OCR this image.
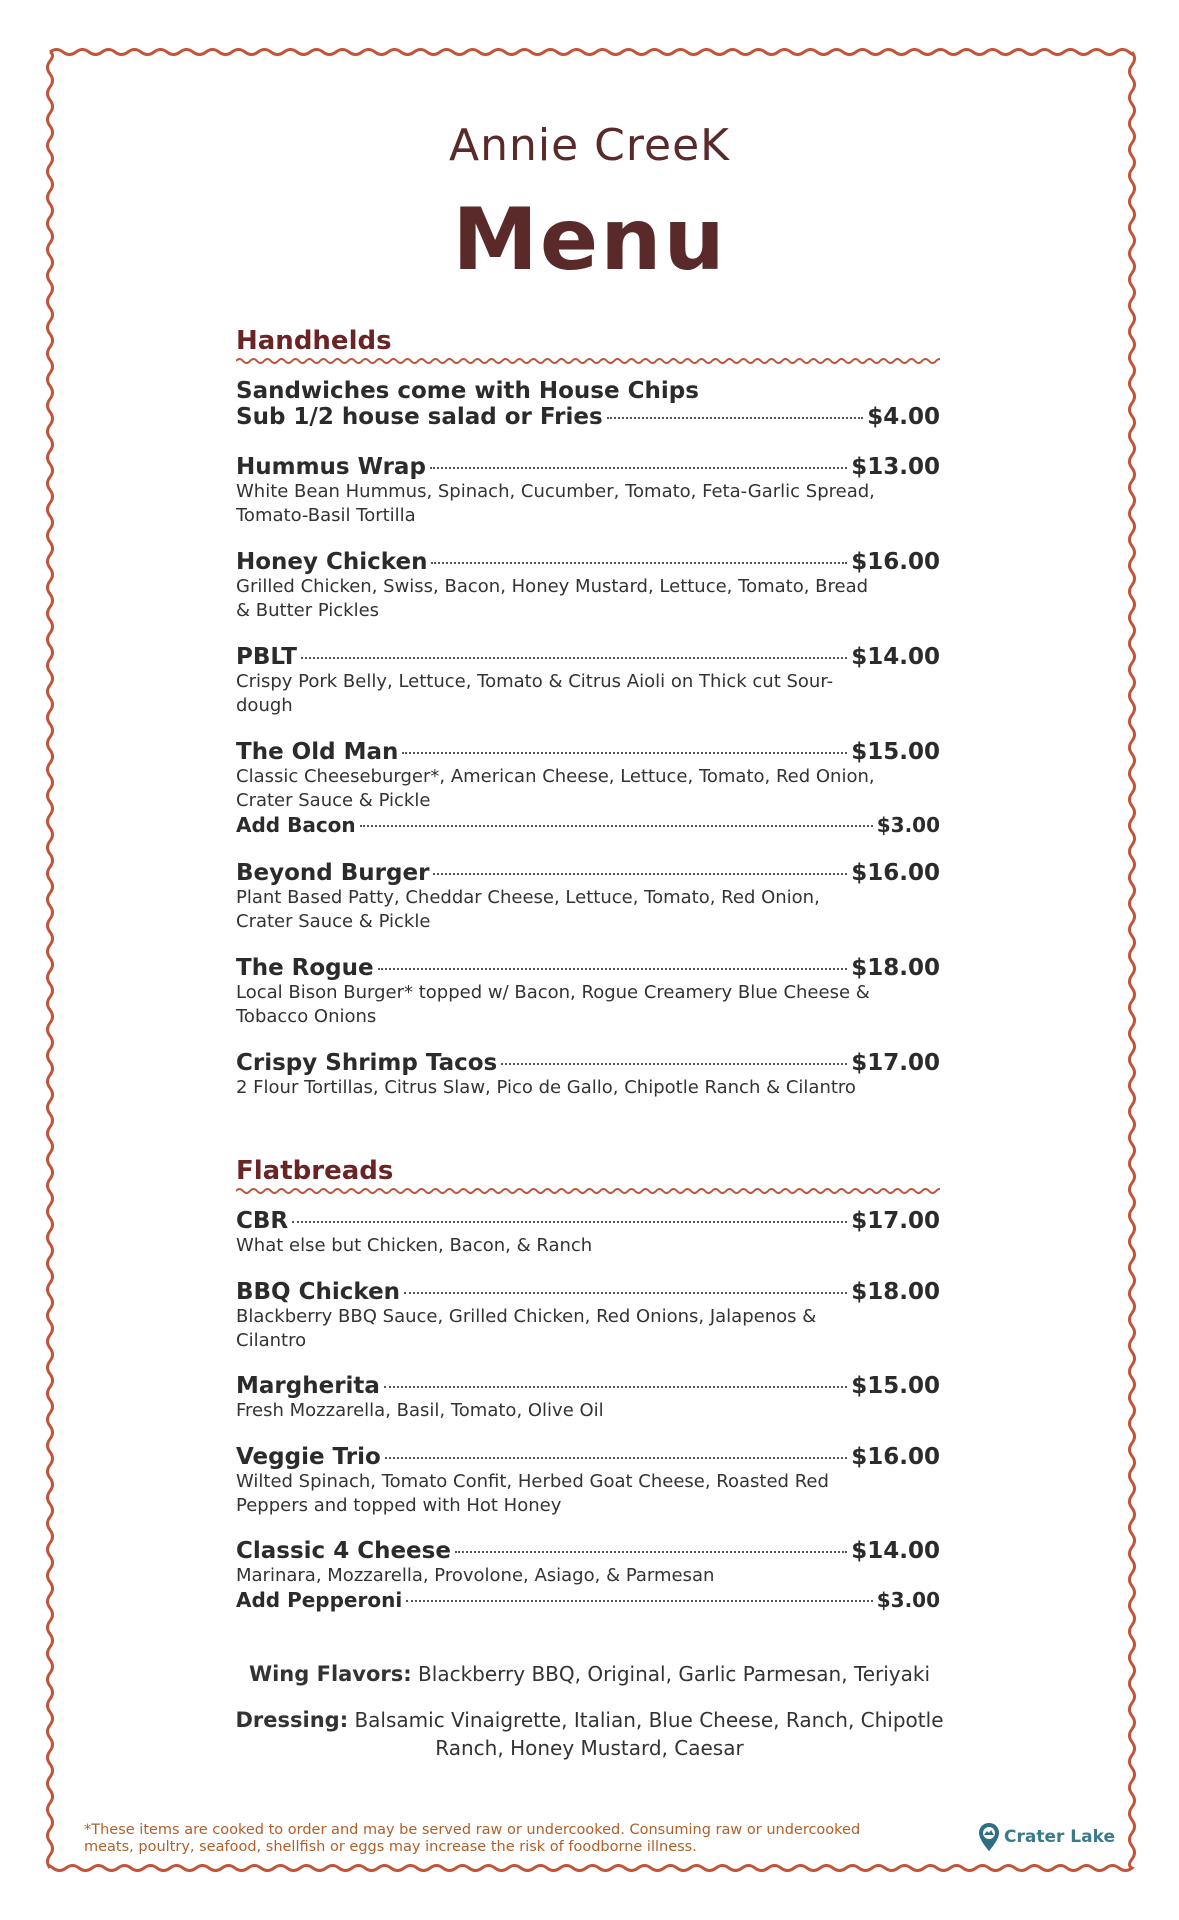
Annie CreeK
Menu
Handhelds
Sandwiches come with House Chips
Sub 1/2 house salad or Fries	$4.00
Hummus Wrap	$13.00
White Bean Hummus, Spinach, Cucumber, Tomato, Feta-Garlic Spread, Tomato-Basil Tortilla
Honey Chicken	$16.00
Grilled Chicken, Swiss, Bacon, Honey Mustard, Lettuce, Tomato, Bread & Butter Pickles
PBLT	$14.00
Crispy Pork Belly, Lettuce, Tomato & Citrus Aioli on Thick cut Sour-dough
The Old Man	$15.00
Classic Cheeseburger*, American Cheese, Lettuce, Tomato, Red Onion, Crater Sauce & Pickle
Add Bacon	$3.00
Beyond Burger	$16.00
Plant Based Patty, Cheddar Cheese, Lettuce, Tomato, Red Onion, Crater Sauce & Pickle
The Rogue	$18.00
Local Bison Burger* topped w/ Bacon, Rogue Creamery Blue Cheese & Tobacco Onions
Crispy Shrimp Tacos	$17.00
2 Flour Tortillas, Citrus Slaw, Pico de Gallo, Chipotle Ranch & Cilantro
Flatbreads
CBR	$17.00
What else but Chicken, Bacon, & Ranch
BBQ Chicken	$18.00
Blackberry BBQ Sauce, Grilled Chicken, Red Onions, Jalapenos & Cilantro
Margherita	$15.00
Fresh Mozzarella, Basil, Tomato, Olive Oil
Veggie Trio	$16.00
Wilted Spinach, Tomato Confit, Herbed Goat Cheese, Roasted Red Peppers and topped with Hot Honey
Classic 4 Cheese	$14.00
Marinara, Mozzarella, Provolone, Asiago, & Parmesan
Add Pepperoni	$3.00
Wing Flavors: Blackberry BBQ, Original, Garlic Parmesan, Teriyaki
Dressing: Balsamic Vinaigrette, Italian, Blue Cheese, Ranch, Chipotle
Ranch, Honey Mustard, Caesar
*These items are cooked to order and may be served raw or undercooked. Consuming raw or undercooked meats, poultry, seafood, shellfish or eggs may increase the risk of foodborne illness.	Crater Lake
